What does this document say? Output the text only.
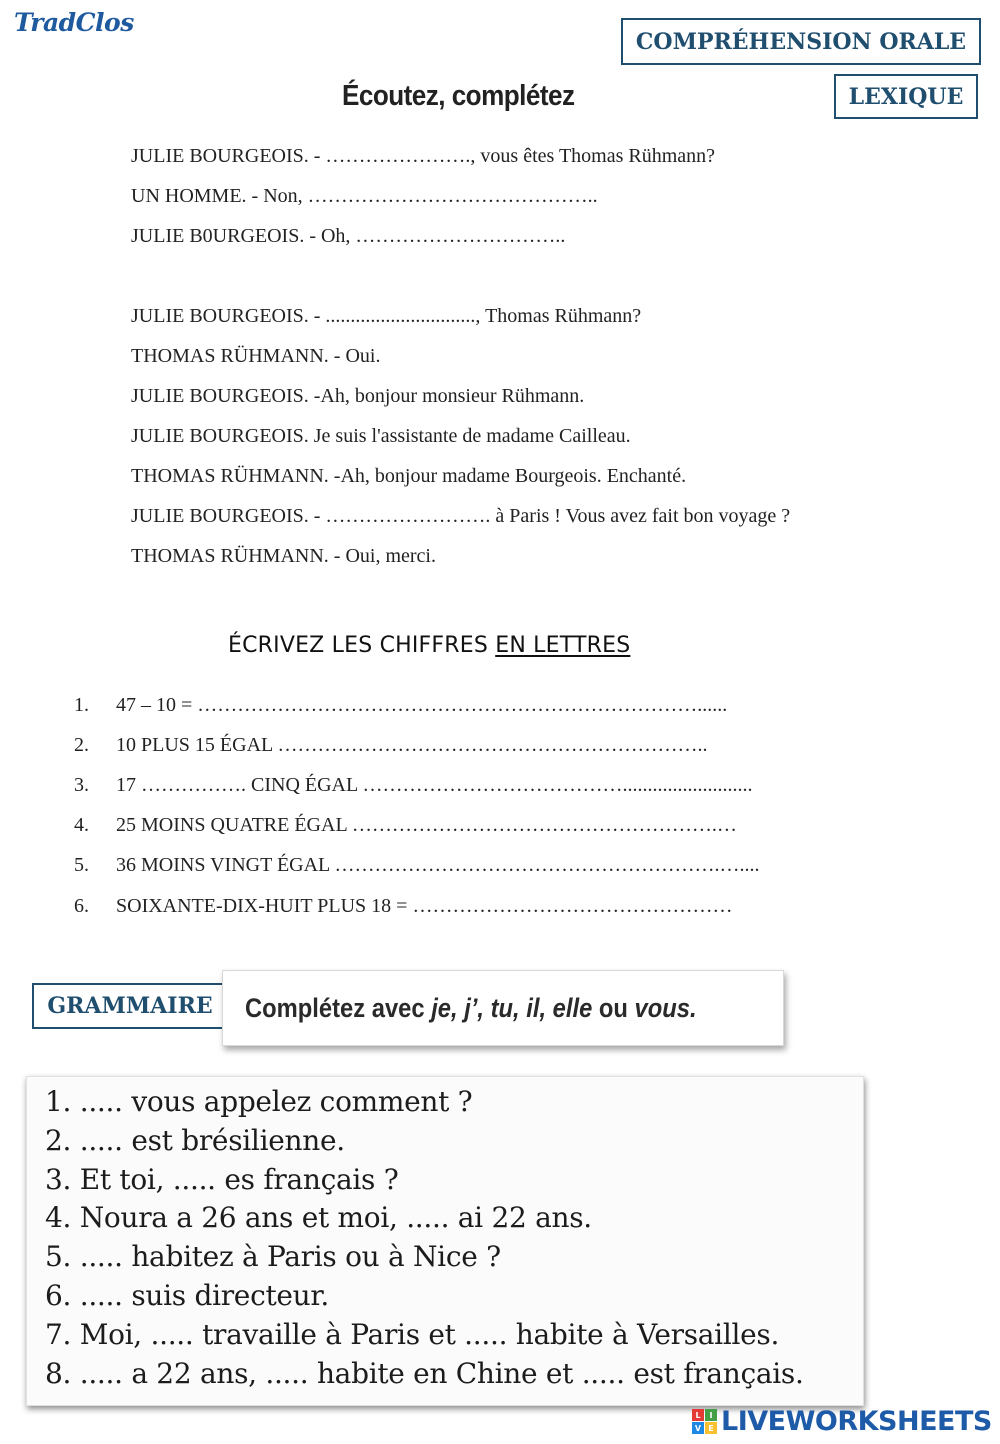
TradClos
COMPRÉHENSION ORALE
LEXIQUE
Écoutez, complétez
JULIE BOURGEOIS. - …………………., vous êtes Thomas Rühmann?
UN HOMME. - Non, ……………………………………..
JULIE B0URGEOIS. - Oh, …………………………..
JULIE BOURGEOIS. - .............................., Thomas Rühmann?
THOMAS RÜHMANN. - Oui.
JULIE BOURGEOIS. -Ah, bonjour monsieur Rühmann.
JULIE BOURGEOIS. Je suis l'assistante de madame Cailleau.
THOMAS RÜHMANN. -Ah, bonjour madame Bourgeois. Enchanté.
JULIE BOURGEOIS. - ……………………. à Paris ! Vous avez fait bon voyage ?
THOMAS RÜHMANN. - Oui, merci.
ÉCRIVEZ LES CHIFFRES EN LETTRES
1. 47 – 10 = …………………………………………………………………......
2. 10 PLUS 15 ÉGAL ………………………………………………………..
3. 17 ……………. CINQ ÉGAL …………………………………..........................
4. 25 MOINS QUATRE ÉGAL ……………………………………………….…
5. 36 MOINS VINGT ÉGAL ………………………………………………….…....
6. SOIXANTE-DIX-HUIT PLUS 18 = …………………………………………
GRAMMAIRE	Complétez avec je, j’, tu, il, elle ou vous.
1. ..... vous appelez comment ?
2. ..... est brésilienne.
3. Et toi, ..... es français ?
4. Noura a 26 ans et moi, ..... ai 22 ans.
5. ..... habitez à Paris ou à Nice ?
6. ..... suis directeur.
7. Moi, ..... travaille à Paris et ..... habite à Versailles.
8. ..... a 22 ans, ..... habite en Chine et ..... est français.
L	I
V E LIVEWORKSHEETS
